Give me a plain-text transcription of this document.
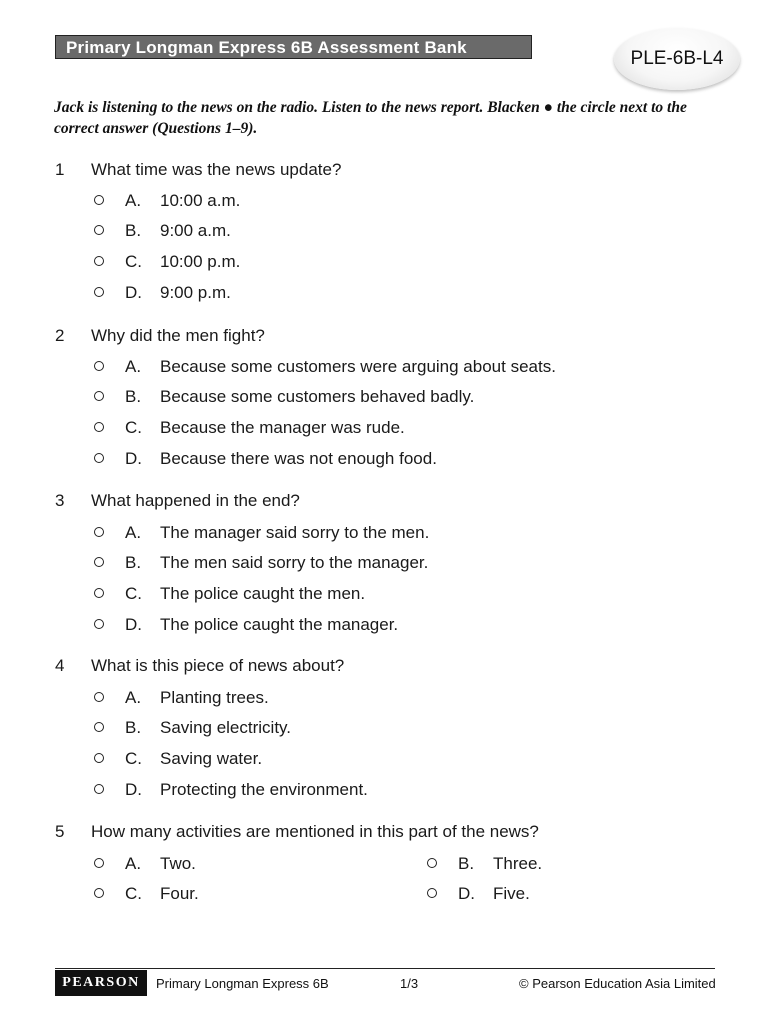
Primary Longman Express 6B Assessment Bank
PLE-6B-L4
Jack is listening to the news on the radio. Listen to the news report. Blacken ● the circle next to the correct answer (Questions 1–9).
1 What time was the news update?
A. 10:00 a.m.
B. 9:00 a.m.
C. 10:00 p.m.
D. 9:00 p.m.
2 Why did the men fight?
A. Because some customers were arguing about seats.
B. Because some customers behaved badly.
C. Because the manager was rude.
D. Because there was not enough food.
3 What happened in the end?
A. The manager said sorry to the men.
B. The men said sorry to the manager.
C. The police caught the men.
D. The police caught the manager.
4 What is this piece of news about?
A. Planting trees.
B. Saving electricity.
C. Saving water.
D. Protecting the environment.
5 How many activities are mentioned in this part of the news?
A. Two.	B. Three.
C. Four.	D. Five.
PEARSON	Primary Longman Express 6B	1/3	© Pearson Education Asia Limited
